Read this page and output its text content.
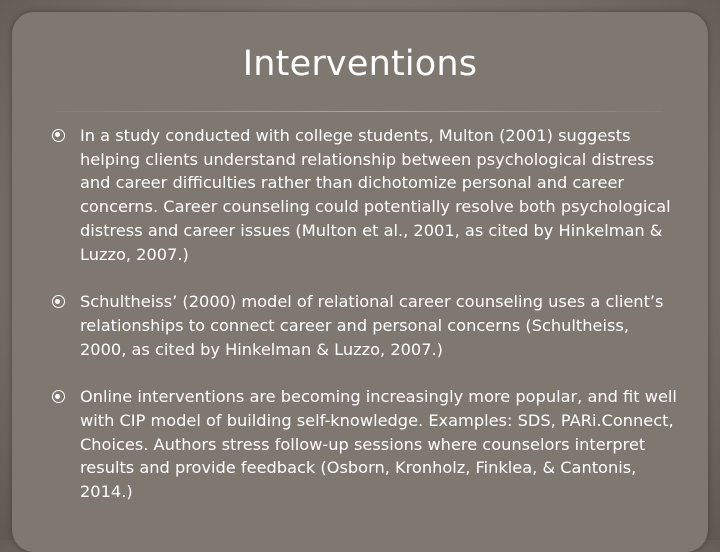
Interventions
In a study conducted with college students, Multon (2001) suggests helping clients understand relationship between psychological distress and career difficulties rather than dichotomize personal and career concerns. Career counseling could potentially resolve both psychological distress and career issues (Multon et al., 2001, as cited by Hinkelman & Luzzo, 2007.)
Schultheiss’ (2000) model of relational career counseling uses a client’s relationships to connect career and personal concerns (Schultheiss, 2000, as cited by Hinkelman & Luzzo, 2007.)
Online interventions are becoming increasingly more popular, and fit well with CIP model of building self-knowledge. Examples: SDS, PARi.Connect, Choices. Authors stress follow-up sessions where counselors interpret results and provide feedback (Osborn, Kronholz, Finklea, & Cantonis, 2014.)
